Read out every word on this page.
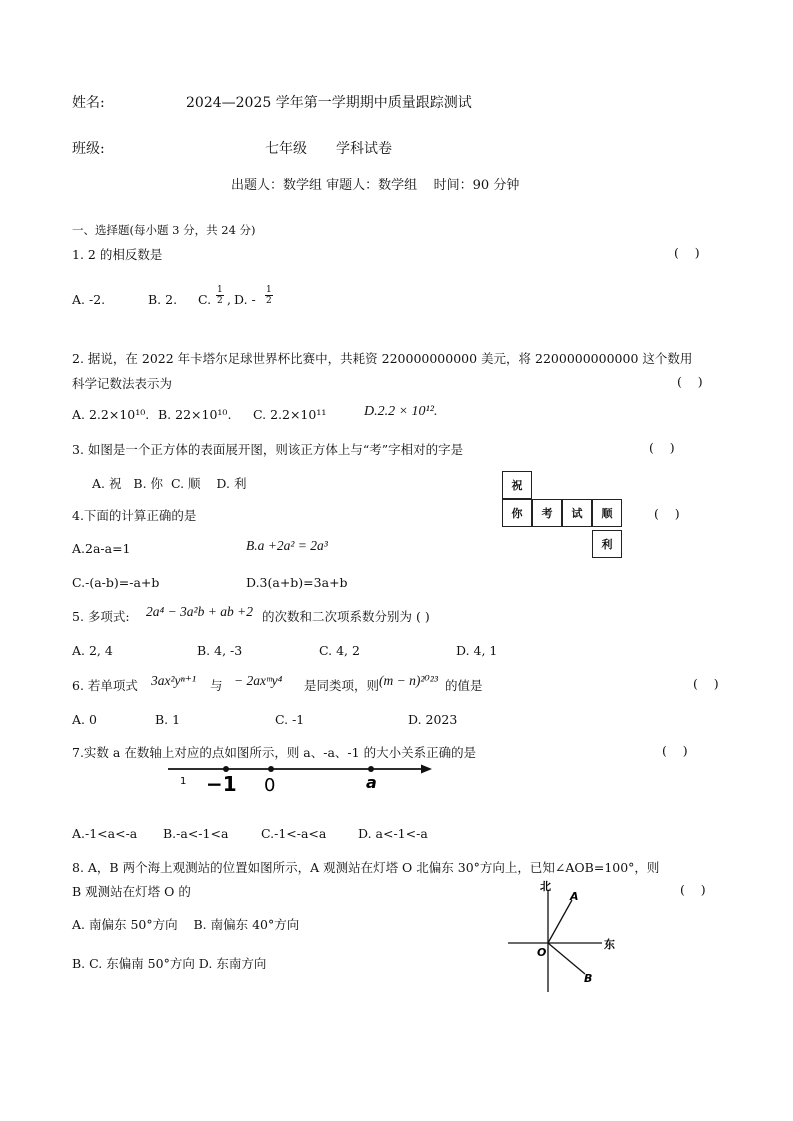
姓名:	2024—2025 学年第一学期期中质量跟踪测试
班级:	七年级 学科试卷
出题人：数学组 审题人：数学组    时间：90 分钟
一、选择题(每小题 3 分，共 24 分)
1. 2 的相反数是	(    )
A. -2.	B. 2. C.
1
2 , D. -
1
2
2. 据说，在 2022 年卡塔尔足球世界杯比赛中，共耗资 220000000000 美元，将 2200000000000 这个数用
科学记数法表示为	(    )
A. 2.2×10¹⁰. B. 22×10¹⁰. C. 2.2×10¹¹	D.2.2 × 10¹².
3. 如图是一个正方体的表面展开图，则该正方体上与“考”字相对的字是	(    )
A. 祝   B. 你  C. 顺    D. 利	祝
你	考	试	顺
利
4.下面的计算正确的是	(    )
A.2a-a=1	B.a +2a² = 2a³
C.-(a-b)=-a+b	D.3(a+b)=3a+b
5. 多项式: 2a⁴ − 3a²b + ab +2 的次数和二次项系数分别为 ( )
A. 2, 4	B. 4, -3	C. 4, 2	D. 4, 1
6. 若单项式 3ax²yⁿ⁺¹ 与 − 2axᵐy⁴ 是同类项，则 (m − n)²⁰²³ 的值是	(    )
A. 0	B. 1	C. -1	D. 2023
7.实数 a 在数轴上对应的点如图所示，则 a、-a、-1 的大小关系正确的是	(    )
1 −1 0	a
A.-1<a<-a B.-a<-1<a	C.-1<-a<a	D. a<-1<-a
8. A，B 两个海上观测站的位置如图所示，A 观测站在灯塔 O 北偏东 30°方向上，已知∠AOB=100°，则
B 观测站在灯塔 O 的	(    )
A. 南偏东 50°方向    B. 南偏东 40°方向
B. C. 东偏南 50°方向 D. 东南方向
北
东
O
A
B
